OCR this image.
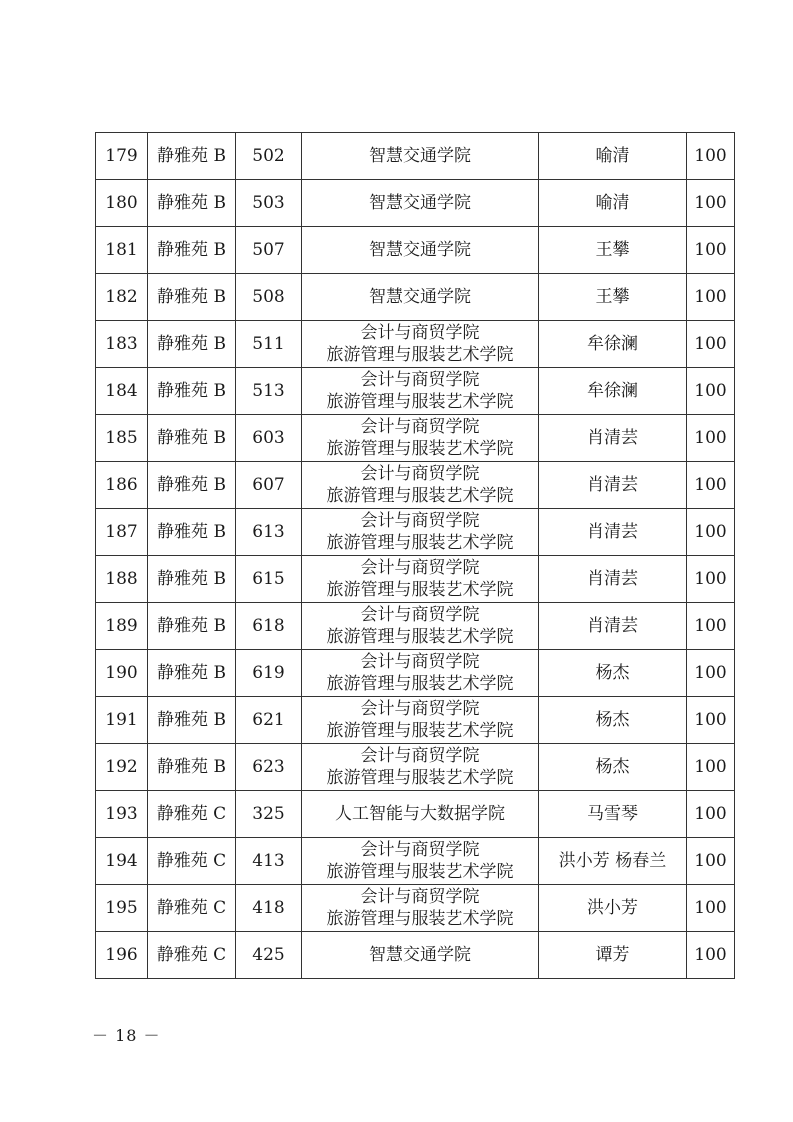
179	静雅苑 B	502	智慧交通学院	喻清	100
180	静雅苑 B	503	智慧交通学院	喻清	100
181	静雅苑 B	507	智慧交通学院	王攀	100
182	静雅苑 B	508	智慧交通学院	王攀	100
183	静雅苑 B	511	会计与商贸学院
旅游管理与服装艺术学院	牟徐澜	100
184	静雅苑 B	513	会计与商贸学院
旅游管理与服装艺术学院	牟徐澜	100
185	静雅苑 B	603	会计与商贸学院
旅游管理与服装艺术学院	肖清芸	100
186	静雅苑 B	607	会计与商贸学院
旅游管理与服装艺术学院	肖清芸	100
187	静雅苑 B	613	会计与商贸学院
旅游管理与服装艺术学院	肖清芸	100
188	静雅苑 B	615	会计与商贸学院
旅游管理与服装艺术学院	肖清芸	100
189	静雅苑 B	618	会计与商贸学院
旅游管理与服装艺术学院	肖清芸	100
190	静雅苑 B	619	会计与商贸学院
旅游管理与服装艺术学院	杨杰	100
191	静雅苑 B	621	会计与商贸学院
旅游管理与服装艺术学院	杨杰	100
192	静雅苑 B	623	会计与商贸学院
旅游管理与服装艺术学院	杨杰	100
193	静雅苑 C	325	人工智能与大数据学院	马雪琴	100
194	静雅苑 C	413	会计与商贸学院
旅游管理与服装艺术学院	洪小芳 杨春兰	100
195	静雅苑 C	418	会计与商贸学院
旅游管理与服装艺术学院	洪小芳	100
196	静雅苑 C	425	智慧交通学院	谭芳	100
－ 18 －
